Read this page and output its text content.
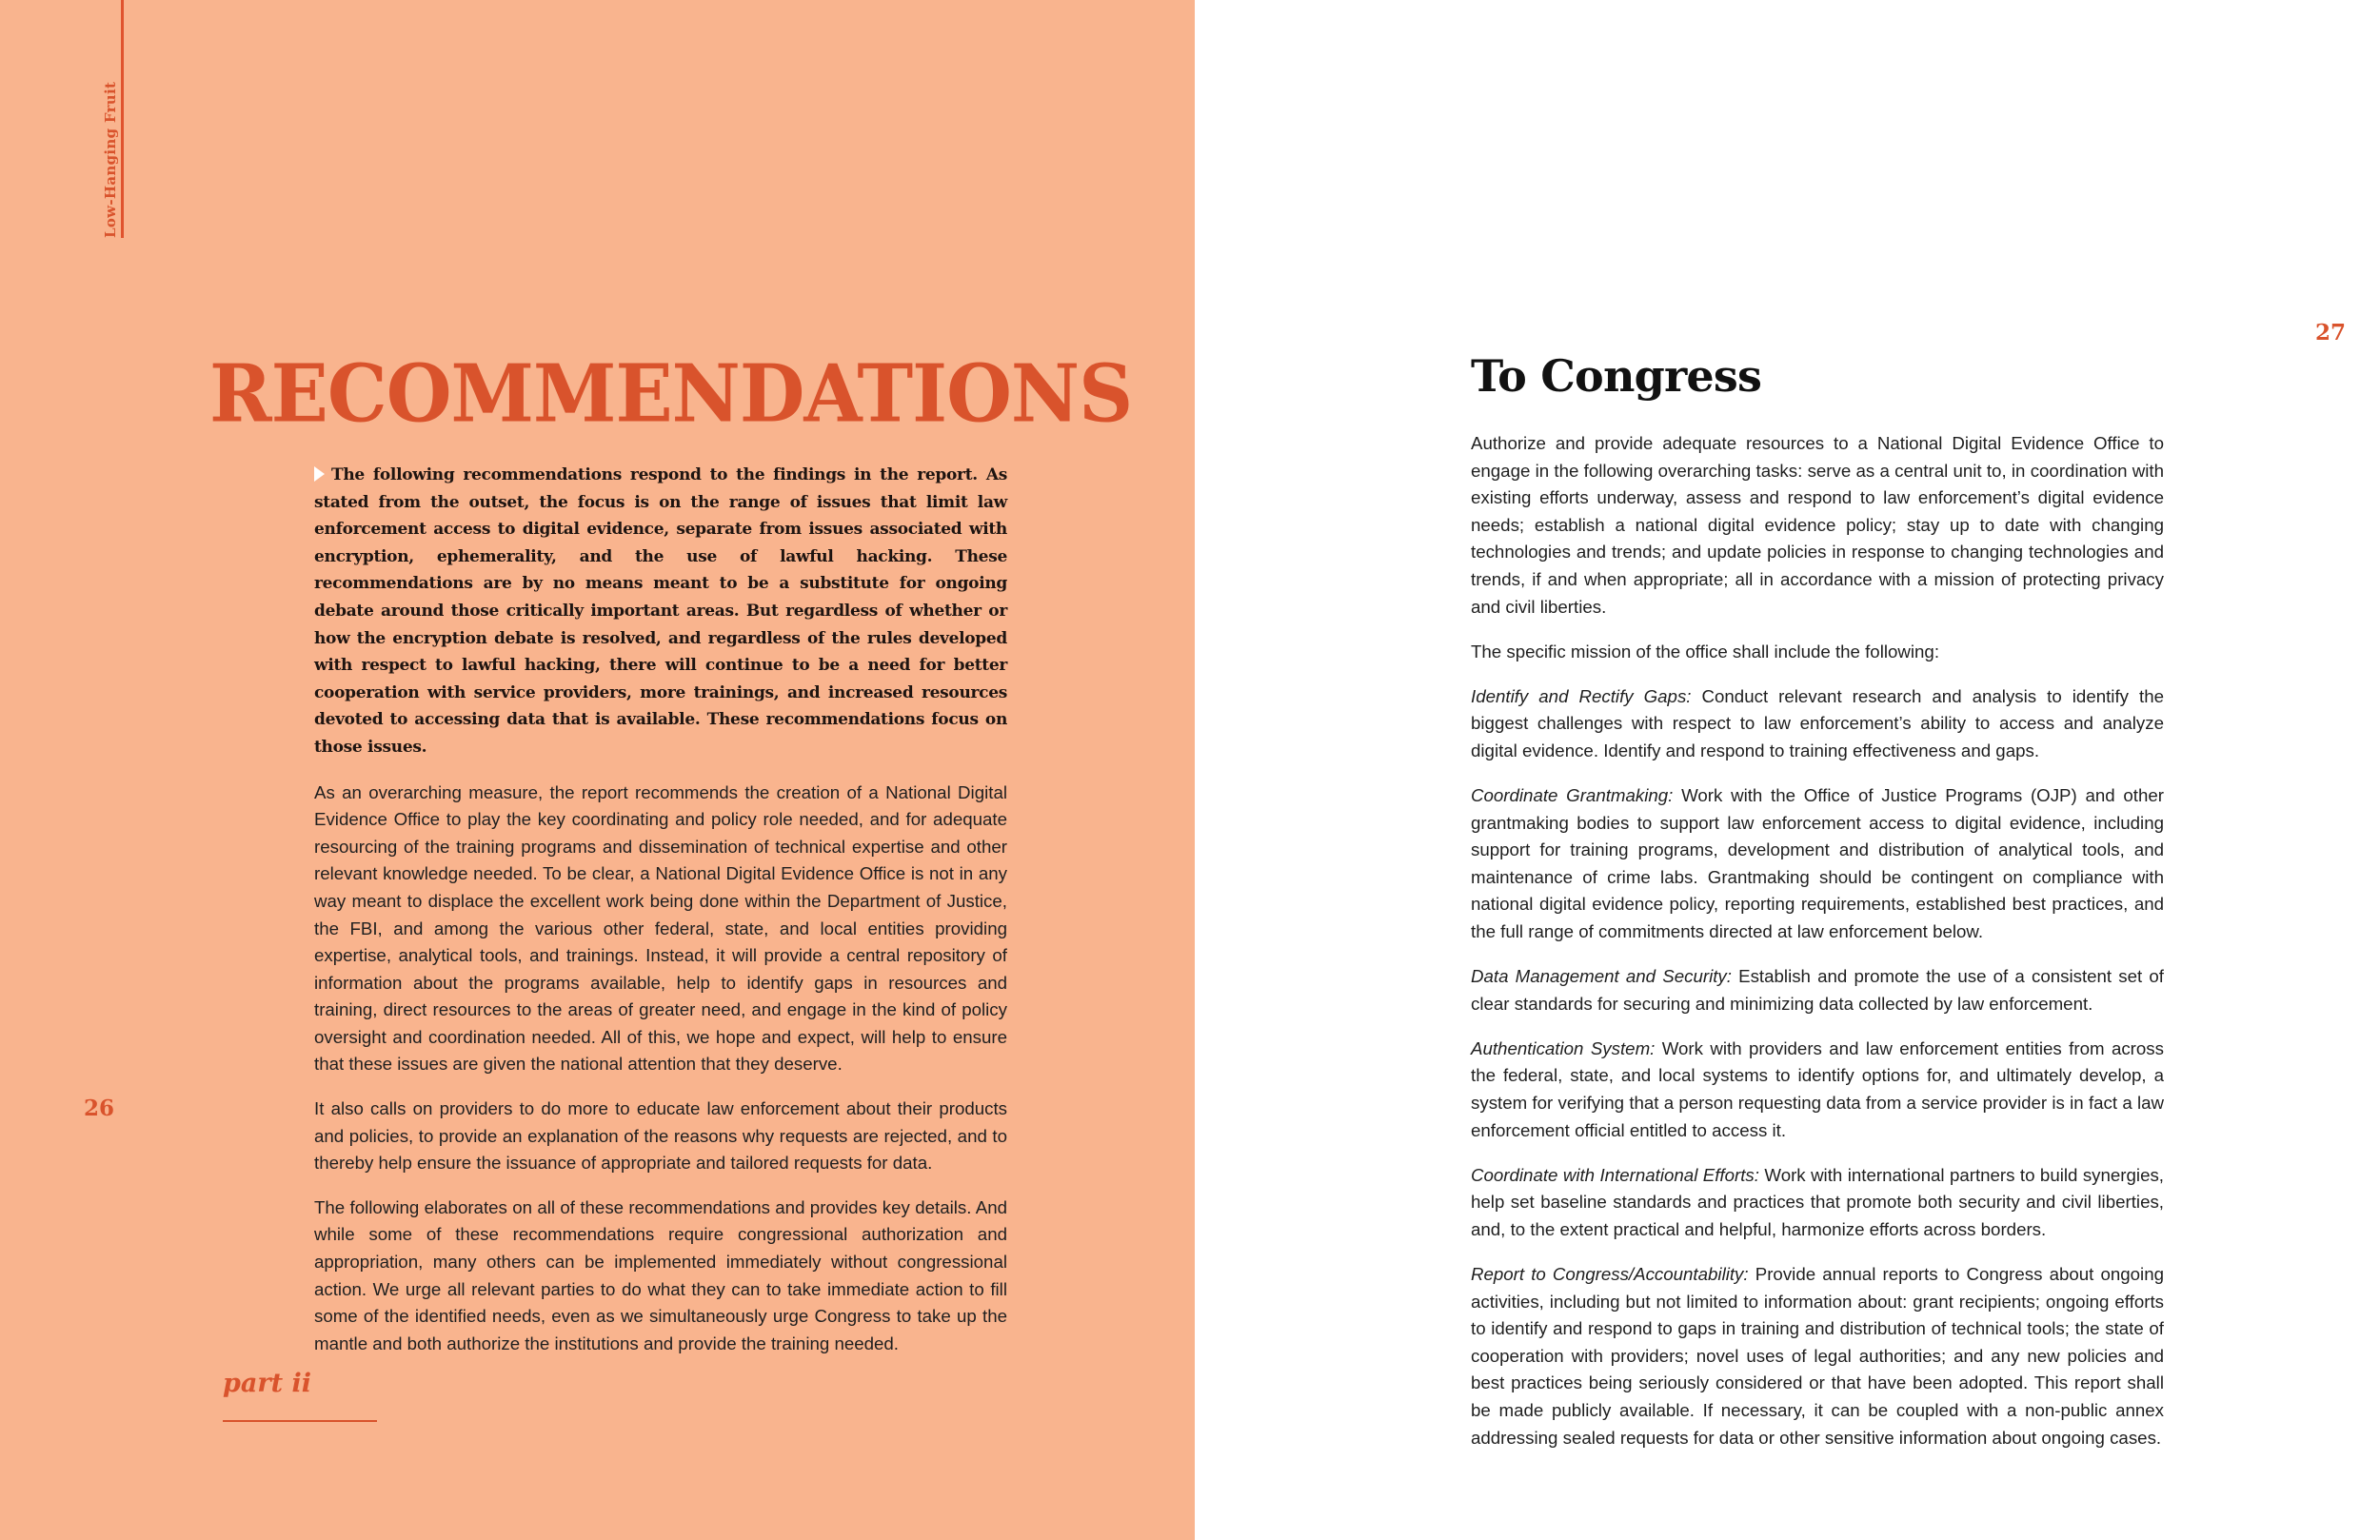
Low-Hanging Fruit
26
RECOMMENDATIONS

The following recommendations respond to the findings in the report. As stated from the outset, the focus is on the range of issues that limit law enforcement access to digital evidence, separate from issues associated with encryption, ephemerality, and the use of lawful hacking. These recommendations are by no means meant to be a substitute for ongoing debate around those critically important areas. But regardless of whether or how the encryption debate is resolved, and regardless of the rules developed with respect to lawful hacking, there will continue to be a need for better cooperation with service providers, more trainings, and increased resources devoted to accessing data that is available. These recommendations focus on those issues.

As an overarching measure, the report recommends the creation of a National Digital Evidence Office to play the key coordinating and policy role needed, and for adequate resourcing of the training programs and dissemination of technical expertise and other relevant knowledge needed. To be clear, a National Digital Evidence Office is not in any way meant to displace the excellent work being done within the Department of Justice, the FBI, and among the various other federal, state, and local entities providing expertise, analytical tools, and trainings. Instead, it will provide a central repository of information about the programs available, help to identify gaps in resources and training, direct resources to the areas of greater need, and engage in the kind of policy oversight and coordination needed. All of this, we hope and expect, will help to ensure that these issues are given the national attention that they deserve.

It also calls on providers to do more to educate law enforcement about their products and policies, to provide an explanation of the reasons why requests are rejected, and to thereby help ensure the issuance of appropriate and tailored requests for data.

The following elaborates on all of these recommendations and provides key details. And while some of these recommendations require congressional authorization and appropriation, many others can be implemented immediately without congressional action. We urge all relevant parties to do what they can to take immediate action to fill some of the identified needs, even as we simultaneously urge Congress to take up the mantle and both authorize the institutions and provide the training needed.

part ii
27
To Congress

Authorize and provide adequate resources to a National Digital Evidence Office to engage in the following overarching tasks: serve as a central unit to, in coordination with existing efforts underway, assess and respond to law enforcement’s digital evidence needs; establish a national digital evidence policy; stay up to date with changing technologies and trends; and update policies in response to changing technologies and trends, if and when appropriate; all in accordance with a mission of protecting privacy and civil liberties.

The specific mission of the office shall include the following:

Identify and Rectify Gaps: Conduct relevant research and analysis to identify the biggest challenges with respect to law enforcement’s ability to access and analyze digital evidence. Identify and respond to training effectiveness and gaps.

Coordinate Grantmaking: Work with the Office of Justice Programs (OJP) and other grantmaking bodies to support law enforcement access to digital evidence, including support for training programs, development and distribution of analytical tools, and maintenance of crime labs. Grantmaking should be contingent on compliance with national digital evidence policy, reporting requirements, established best practices, and the full range of commitments directed at law enforcement below.

Data Management and Security: Establish and promote the use of a consistent set of clear standards for securing and minimizing data collected by law enforcement.

Authentication System: Work with providers and law enforcement entities from across the federal, state, and local systems to identify options for, and ultimately develop, a system for verifying that a person requesting data from a service provider is in fact a law enforcement official entitled to access it.

Coordinate with International Efforts: Work with international partners to build synergies, help set baseline standards and practices that promote both security and civil liberties, and, to the extent practical and helpful, harmonize efforts across borders.

Report to Congress/Accountability: Provide annual reports to Congress about ongoing activities, including but not limited to information about: grant recipients; ongoing efforts to identify and respond to gaps in training and distribution of technical tools; the state of cooperation with providers; novel uses of legal authorities; and any new policies and best practices being seriously considered or that have been adopted. This report shall be made publicly available. If necessary, it can be coupled with a non-public annex addressing sealed requests for data or other sensitive information about ongoing cases.
